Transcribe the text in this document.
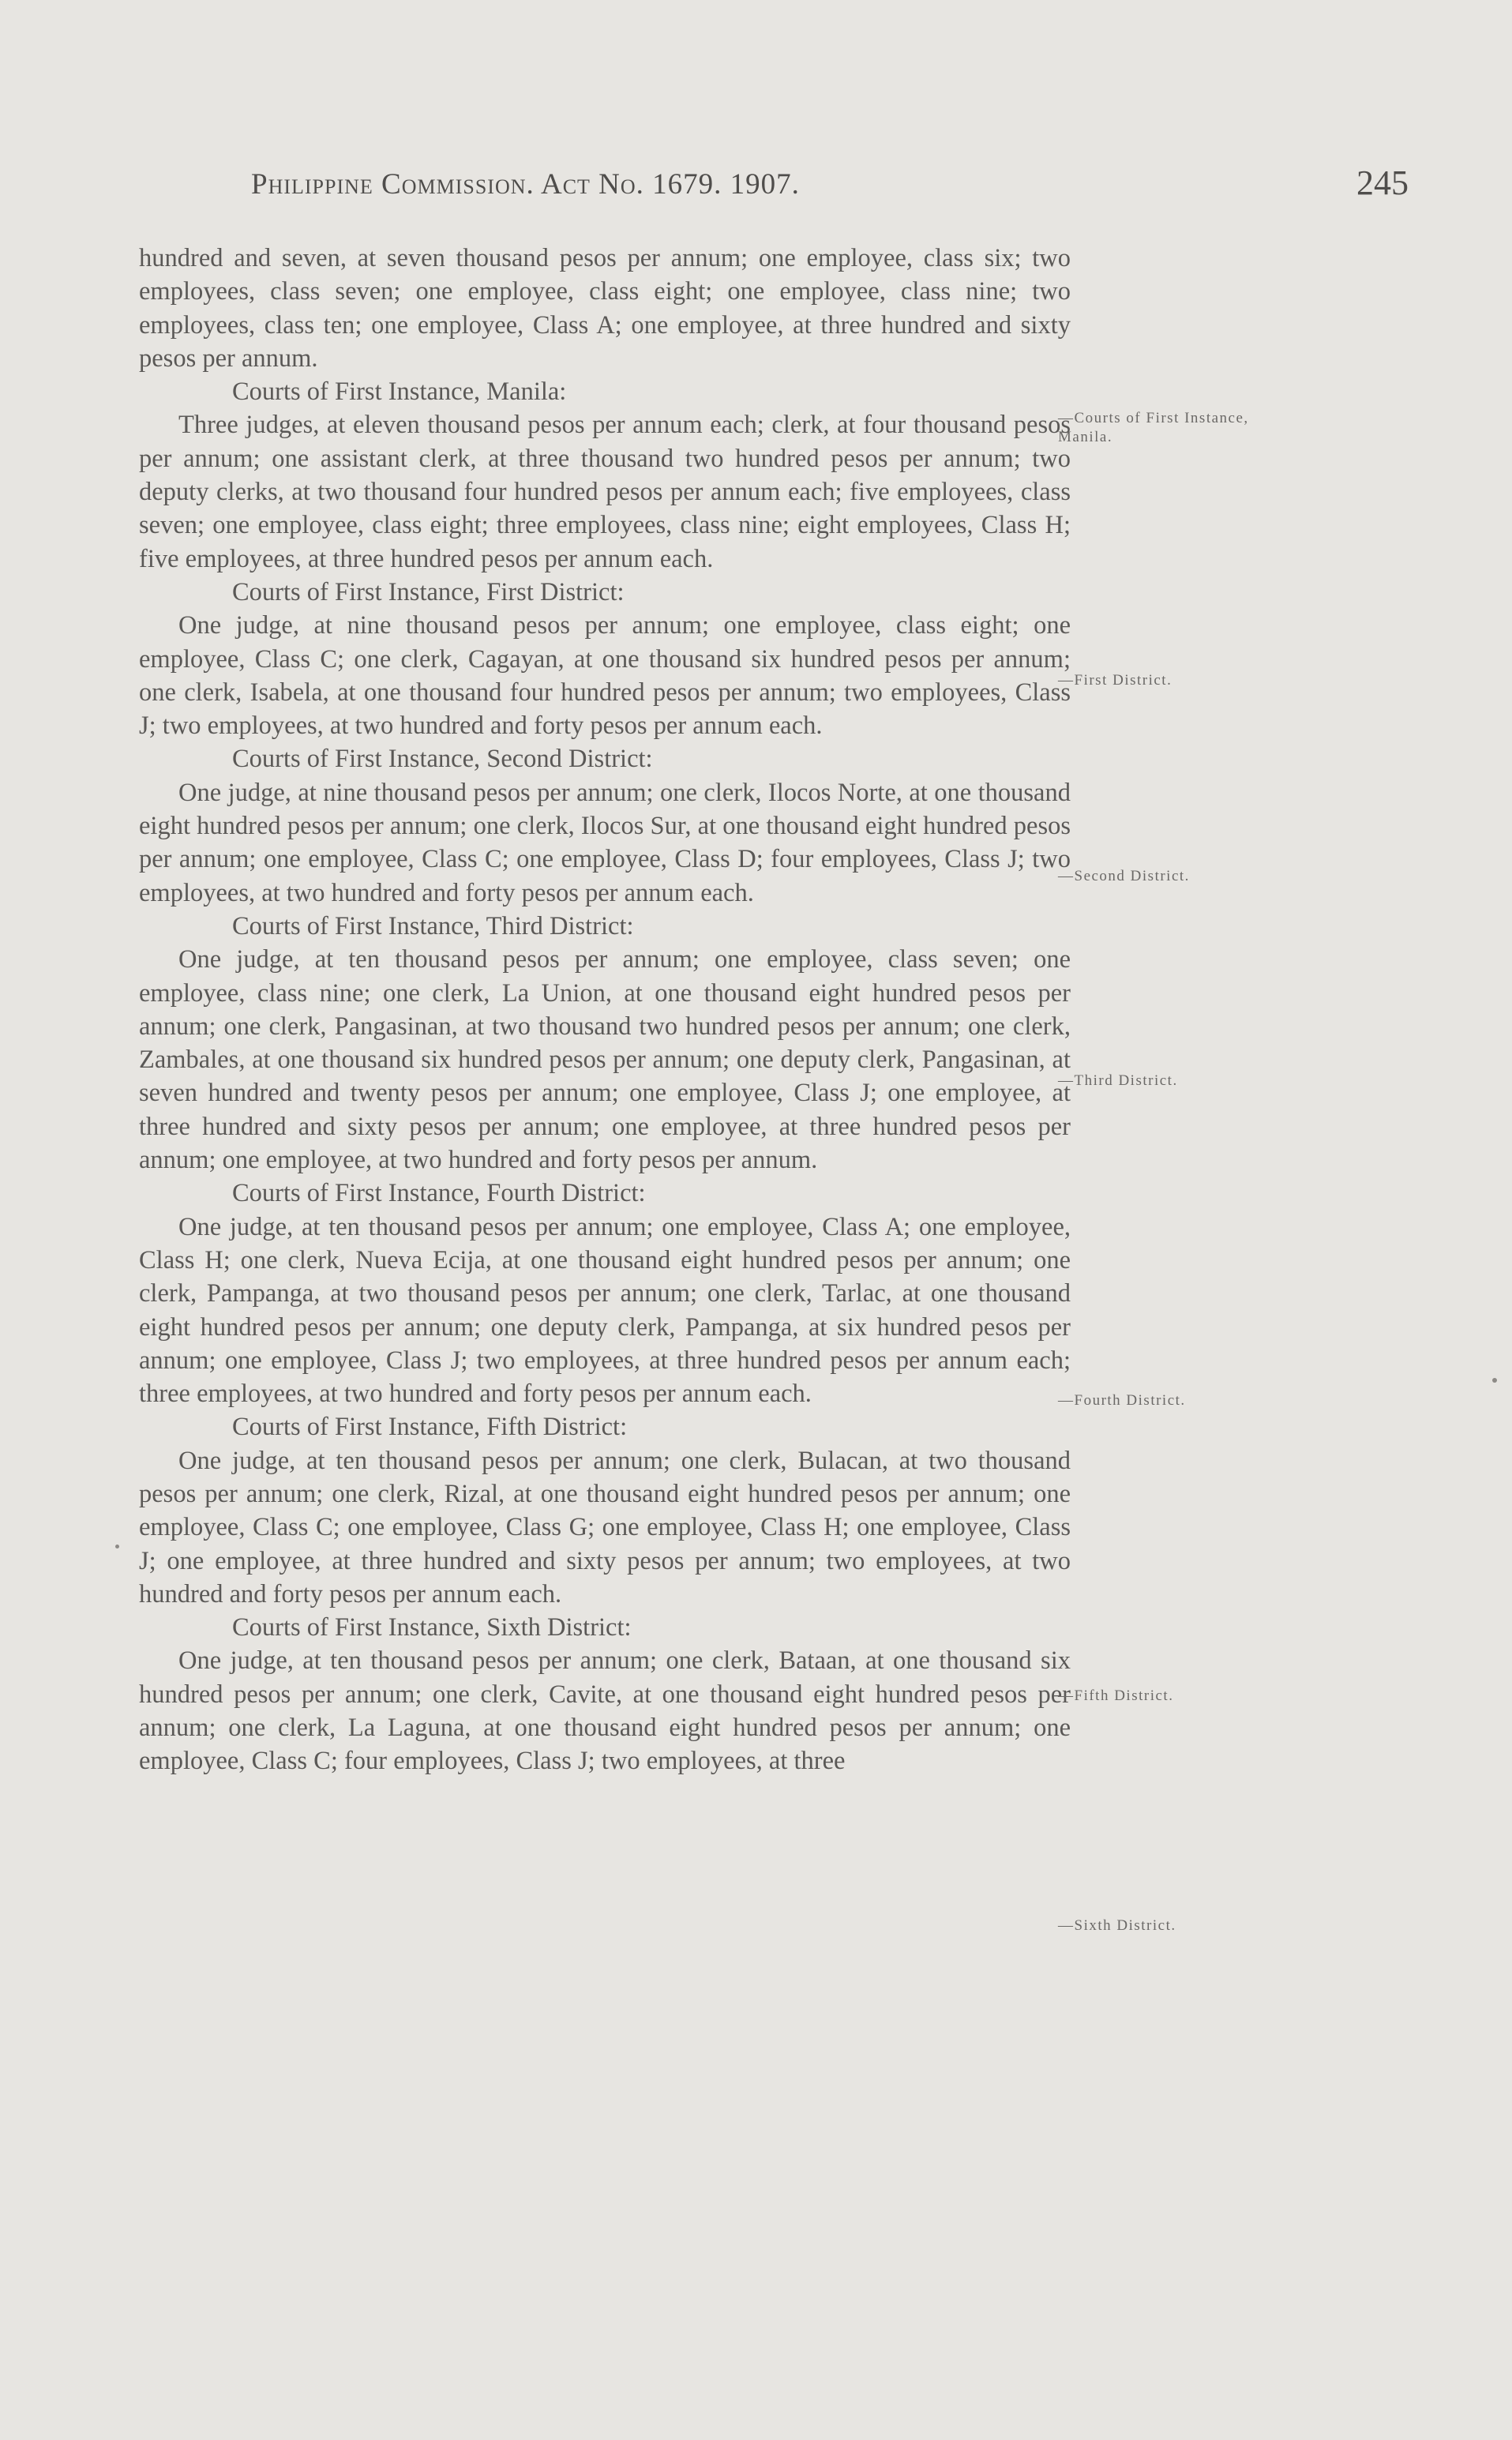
Philippine Commission. Act No. 1679. 1907.	245

hundred and seven, at seven thousand pesos per annum; one employee, class six; two employees, class seven; one employee, class eight; one employee, class nine; two employees, class ten; one employee, Class A; one employee, at three hundred and sixty pesos per annum.

Courts of First Instance, Manila:

Three judges, at eleven thousand pesos per annum each; clerk, at four thousand pesos per annum; one assistant clerk, at three thousand two hundred pesos per annum; two deputy clerks, at two thousand four hundred pesos per annum each; five employees, class seven; one employee, class eight; three employees, class nine; eight employees, Class H; five employees, at three hundred pesos per annum each.

Courts of First Instance, First District:

One judge, at nine thousand pesos per annum; one employee, class eight; one employee, Class C; one clerk, Cagayan, at one thousand six hundred pesos per annum; one clerk, Isabela, at one thousand four hundred pesos per annum; two employees, Class J; two employees, at two hundred and forty pesos per annum each.

Courts of First Instance, Second District:

One judge, at nine thousand pesos per annum; one clerk, Ilocos Norte, at one thousand eight hundred pesos per annum; one clerk, Ilocos Sur, at one thousand eight hundred pesos per annum; one employee, Class C; one employee, Class D; four employees, Class J; two employees, at two hundred and forty pesos per annum each.

Courts of First Instance, Third District:

One judge, at ten thousand pesos per annum; one employee, class seven; one employee, class nine; one clerk, La Union, at one thousand eight hundred pesos per annum; one clerk, Pangasinan, at two thousand two hundred pesos per annum; one clerk, Zambales, at one thousand six hundred pesos per annum; one deputy clerk, Pangasinan, at seven hundred and twenty pesos per annum; one employee, Class J; one employee, at three hundred and sixty pesos per annum; one employee, at three hundred pesos per annum; one employee, at two hundred and forty pesos per annum.

Courts of First Instance, Fourth District:

One judge, at ten thousand pesos per annum; one employee, Class A; one employee, Class H; one clerk, Nueva Ecija, at one thousand eight hundred pesos per annum; one clerk, Pampanga, at two thousand pesos per annum; one clerk, Tarlac, at one thousand eight hundred pesos per annum; one deputy clerk, Pampanga, at six hundred pesos per annum; one employee, Class J; two employees, at three hundred pesos per annum each; three employees, at two hundred and forty pesos per annum each.

Courts of First Instance, Fifth District:

One judge, at ten thousand pesos per annum; one clerk, Bulacan, at two thousand pesos per annum; one clerk, Rizal, at one thousand eight hundred pesos per annum; one employee, Class C; one employee, Class G; one employee, Class H; one employee, Class J; one employee, at three hundred and sixty pesos per annum; two employees, at two hundred and forty pesos per annum each.

Courts of First Instance, Sixth District:

One judge, at ten thousand pesos per annum; one clerk, Bataan, at one thousand six hundred pesos per annum; one clerk, Cavite, at one thousand eight hundred pesos per annum; one clerk, La Laguna, at one thousand eight hundred pesos per annum; one employee, Class C; four employees, Class J; two employees, at three

—Courts of First Instance, Manila.
—First District.
—Second District.
—Third District.
—Fourth District.
—Fifth District.
—Sixth District.
